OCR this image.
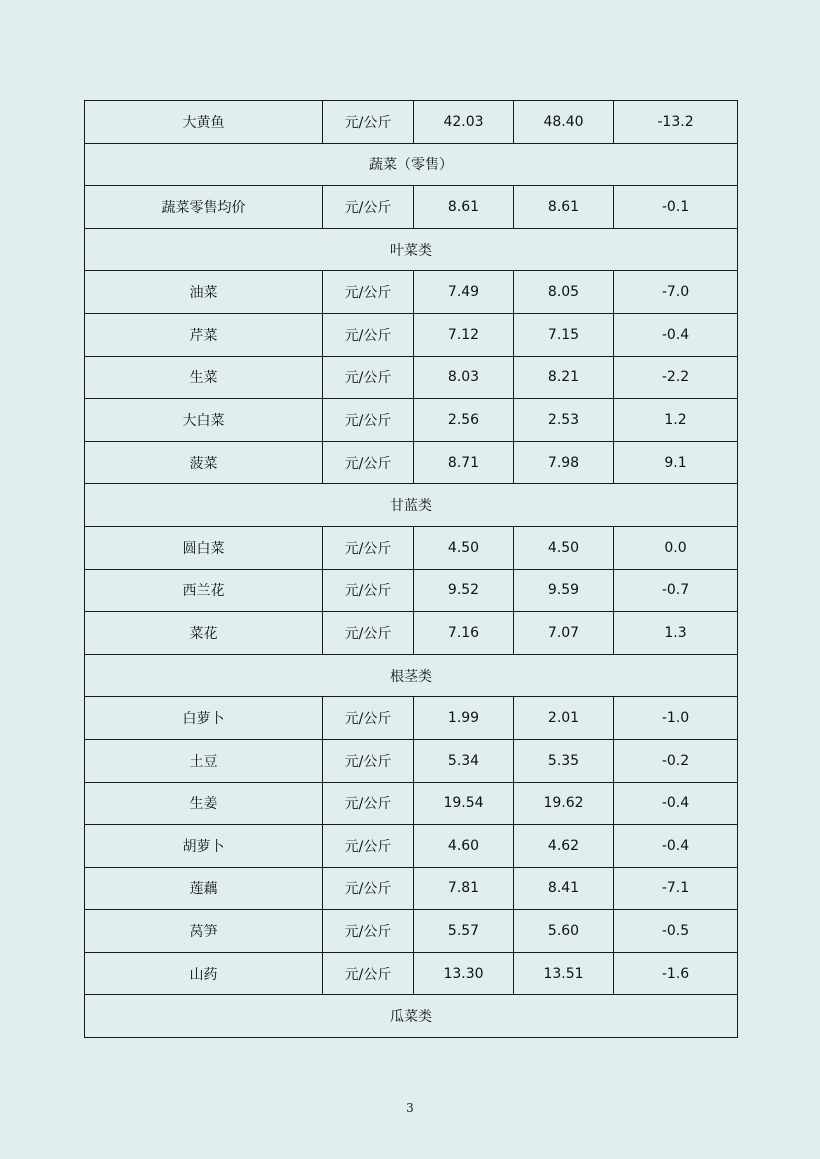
大黄鱼	元/公斤	42.03	48.40	-13.2
蔬菜（零售）				
蔬菜零售均价	元/公斤	8.61	8.61	-0.1
叶菜类				
油菜	元/公斤	7.49	8.05	-7.0
芹菜	元/公斤	7.12	7.15	-0.4
生菜	元/公斤	8.03	8.21	-2.2
大白菜	元/公斤	2.56	2.53	1.2
菠菜	元/公斤	8.71	7.98	9.1
甘蓝类				
圆白菜	元/公斤	4.50	4.50	0.0
西兰花	元/公斤	9.52	9.59	-0.7
菜花	元/公斤	7.16	7.07	1.3
根茎类				
白萝卜	元/公斤	1.99	2.01	-1.0
土豆	元/公斤	5.34	5.35	-0.2
生姜	元/公斤	19.54	19.62	-0.4
胡萝卜	元/公斤	4.60	4.62	-0.4
莲藕	元/公斤	7.81	8.41	-7.1
莴笋	元/公斤	5.57	5.60	-0.5
山药	元/公斤	13.30	13.51	-1.6
瓜菜类				
3
